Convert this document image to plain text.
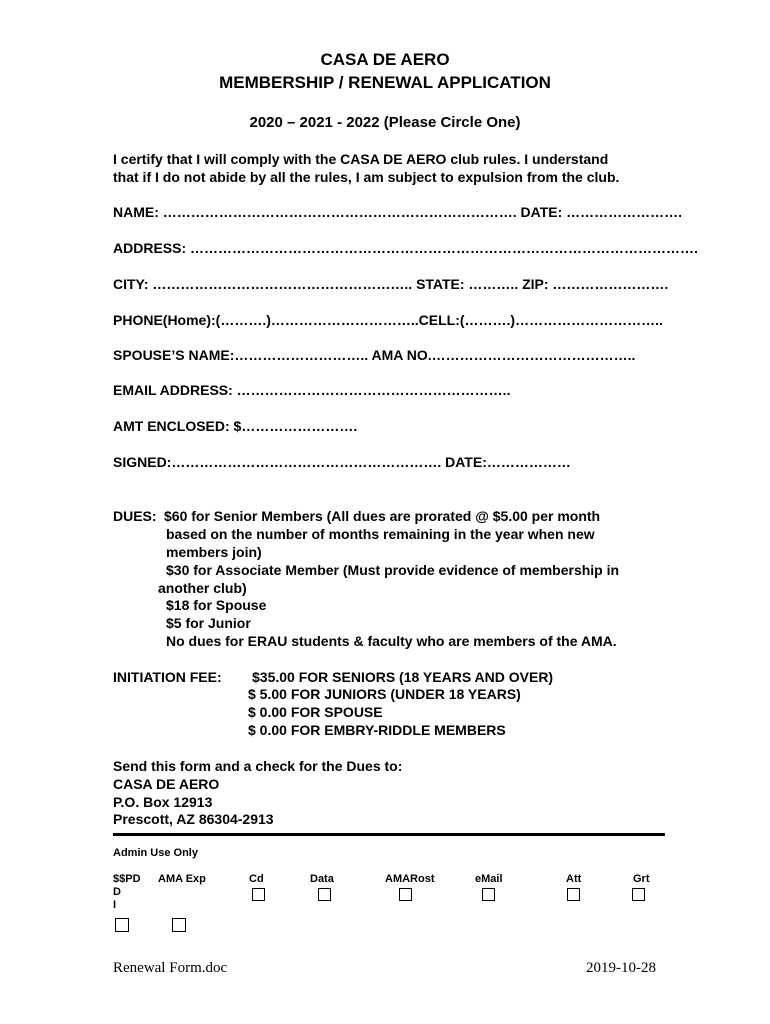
CASA DE AERO
MEMBERSHIP / RENEWAL APPLICATION
2020 – 2021 - 2022 (Please Circle One)
I certify that I will comply with the CASA DE AERO club rules. I understand
that if I do not abide by all the rules, I am subject to expulsion from the club.
NAME: …………………………………………………………………. DATE: …………………….
ADDRESS: ……………………………………………………………………………………………….
CITY: ……………………………………………….. STATE: ……….. ZIP: …………………….
PHONE(Home):(……….)…………………………..CELL:(……….)…………………………..
SPOUSE’S NAME:……………………….. AMA NO.……………………………………..
EMAIL ADDRESS: …………………………………………………..
AMT ENCLOSED: $…………………….
SIGNED:…………………………………………………. DATE:………………
DUES: $60 for Senior Members (All dues are prorated @ $5.00 per month
based on the number of months remaining in the year when new
members join)
$30 for Associate Member (Must provide evidence of membership in
another club)
$18 for Spouse
$5 for Junior
No dues for ERAU students & faculty who are members of the AMA.
INITIATION FEE: $35.00 FOR SENIORS (18 YEARS AND OVER)
$ 5.00 FOR JUNIORS (UNDER 18 YEARS)
$ 0.00 FOR SPOUSE
$ 0.00 FOR EMBRY-RIDDLE MEMBERS
Send this form and a check for the Dues to:
CASA DE AERO
P.O. Box 12913
Prescott, AZ 86304-2913
Admin Use Only
$$PD
D
I
AMA Exp	Cd	Data	AMARost	eMail	Att	Grt
Renewal Form.doc	2019-10-28
